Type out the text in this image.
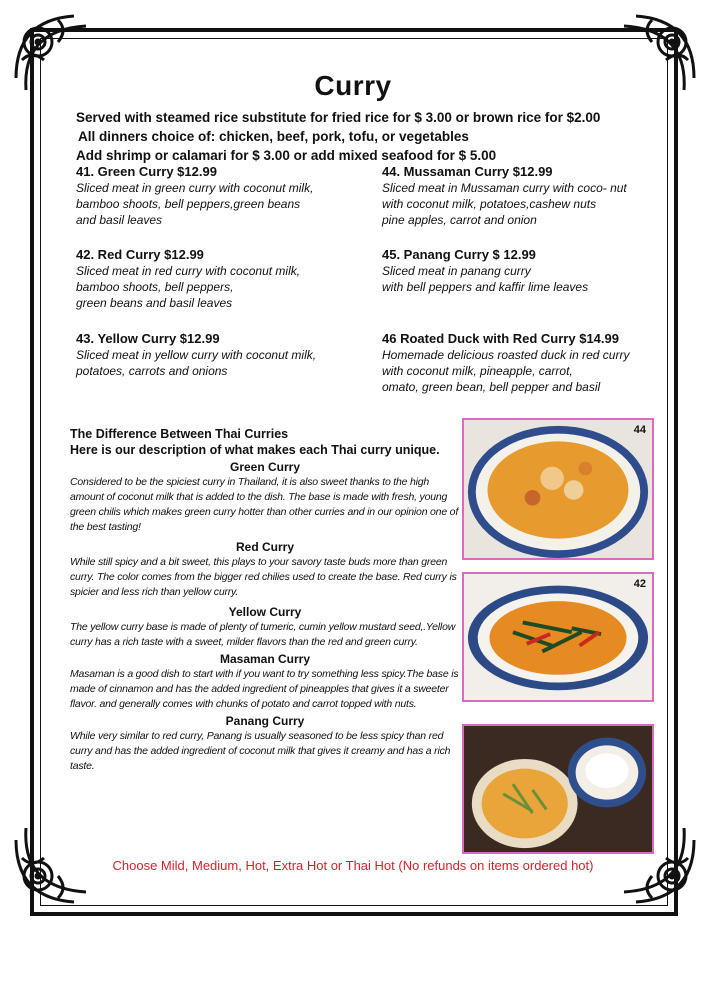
Curry
Served with steamed rice substitute for fried rice for $ 3.00 or brown rice for $2.00
All dinners choice of: chicken, beef, pork, tofu, or vegetables
Add shrimp or calamari for $ 3.00 or add mixed seafood for $ 5.00
41. Green Curry $12.99
Sliced meat in green curry with coconut milk,
bamboo shoots, bell peppers,green beans
and basil leaves
42. Red Curry $12.99
Sliced meat in red curry with coconut milk,
bamboo shoots, bell peppers,
green beans and basil leaves
43. Yellow Curry $12.99
Sliced meat in yellow curry with coconut milk,
potatoes, carrots and onions
44. Mussaman Curry $12.99
Sliced meat in Mussaman curry with coco- nut
with coconut milk, potatoes,cashew nuts
pine apples, carrot and onion
45. Panang Curry $ 12.99
Sliced meat in panang curry
with bell peppers and kaffir lime leaves
46 Roated Duck with Red Curry $14.99
Homemade delicious roasted duck in red curry
with coconut milk, pineapple, carrot,
omato, green bean, bell pepper and basil
The Difference Between Thai Curries
Here is our description of what makes each Thai curry unique.
Green Curry
Considered to be the spiciest curry in Thailand, it is also sweet thanks to the high amount of coconut milk that is added to the dish. The base is made with fresh, young green chilis which makes green curry hotter than other curries and in our opinion one of the best tasting!
Red Curry
While still spicy and a bit sweet, this plays to your savory taste buds more than green curry. The color comes from the bigger red chilies used to create the base. Red curry is spicier and less rich than yellow curry.
Yellow Curry
The yellow curry base is made of plenty of tumeric, cumin yellow mustard seed,.Yellow curry has a rich taste with a sweet, milder flavors than the red and green curry.
Masaman Curry
Masaman is a good dish to start with if you want to try something less spicy.The base is made of cinnamon and has the added ingredient of pineapples that gives it a sweeter flavor. and generally comes with chunks of potato and carrot topped with nuts.
Panang Curry
While very similar to red curry, Panang is usually seasoned to be less spicy than red curry and has the added ingredient of coconut milk that gives it creamy and has a rich taste.
44
42
Choose Mild, Medium, Hot, Extra Hot or Thai Hot (No refunds on items ordered hot)
